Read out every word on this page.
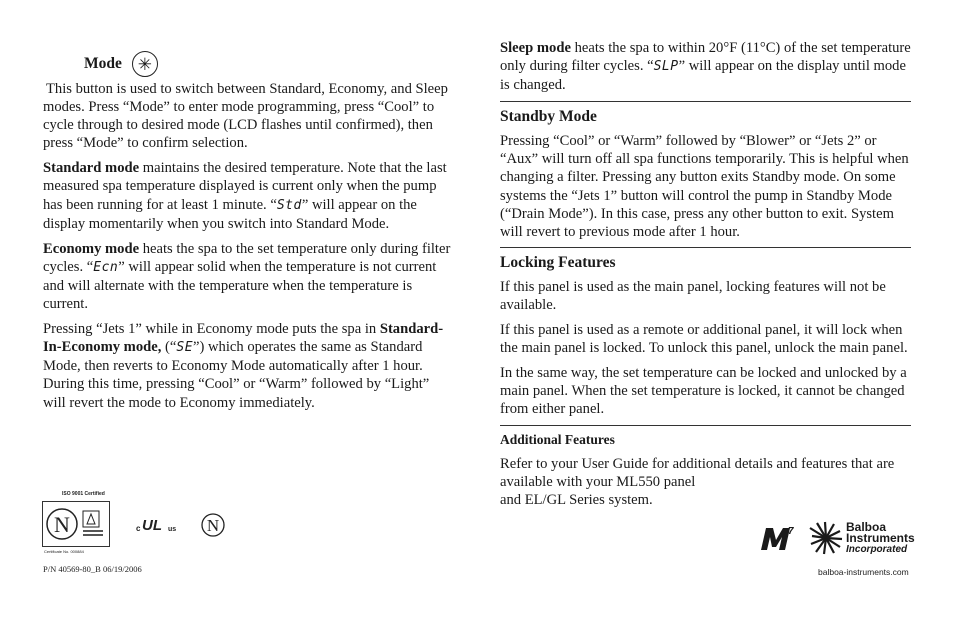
Mode ✳

This button is used to switch between Standard, Economy, and Sleep modes. Press “Mode” to enter mode programming, press “Cool” to cycle through to desired mode (LCD flashes until confirmed), then press “Mode” to confirm selection.

Standard mode maintains the desired temperature. Note that the last measured spa temperature displayed is current only when the pump has been running for at least 1 minute. “Std” will appear on the display momentarily when you switch into Standard Mode.

Economy mode heats the spa to the set temperature only during filter cycles. “Ecn” will appear solid when the temperature is not current and will alternate with the temperature when the temperature is current.

Pressing “Jets 1” while in Economy mode puts the spa in Standard-In-Economy mode, (“SE”) which operates the same as Standard Mode, then reverts to Economy Mode automatically after 1 hour. During this time, pressing “Cool” or “Warm” followed by “Light” will revert the mode to Economy immediately.

ISO 9001 Certified
N
Certificate No. 000884
c UL us N
P/N 40569-80_B 06/19/2006

Sleep mode heats the spa to within 20°F (11°C) of the set temperature only during filter cycles. “SLP” will appear on the display until mode is changed.

Standby Mode

Pressing “Cool” or “Warm” followed by “Blower” or “Jets 2” or “Aux” will turn off all spa functions temporarily. This is helpful when changing a filter. Pressing any button exits Standby mode. On some systems the “Jets 1” button will control the pump in Standby Mode (“Drain Mode”). In this case, press any other button to exit. System will revert to previous mode after 1 hour.

Locking Features

If this panel is used as the main panel, locking features will not be available.

If this panel is used as a remote or additional panel, it will lock when the main panel is locked. To unlock this panel, unlock the main panel.

In the same way, the set temperature can be locked and unlocked by a main panel. When the set temperature is locked, it cannot be changed from either panel.

Additional Features

Refer to your User Guide for additional details and features that are available with your ML550 panel

and EL/GL Series system.

7	Balboa
Instruments
Incorporated
balboa-instruments.com
